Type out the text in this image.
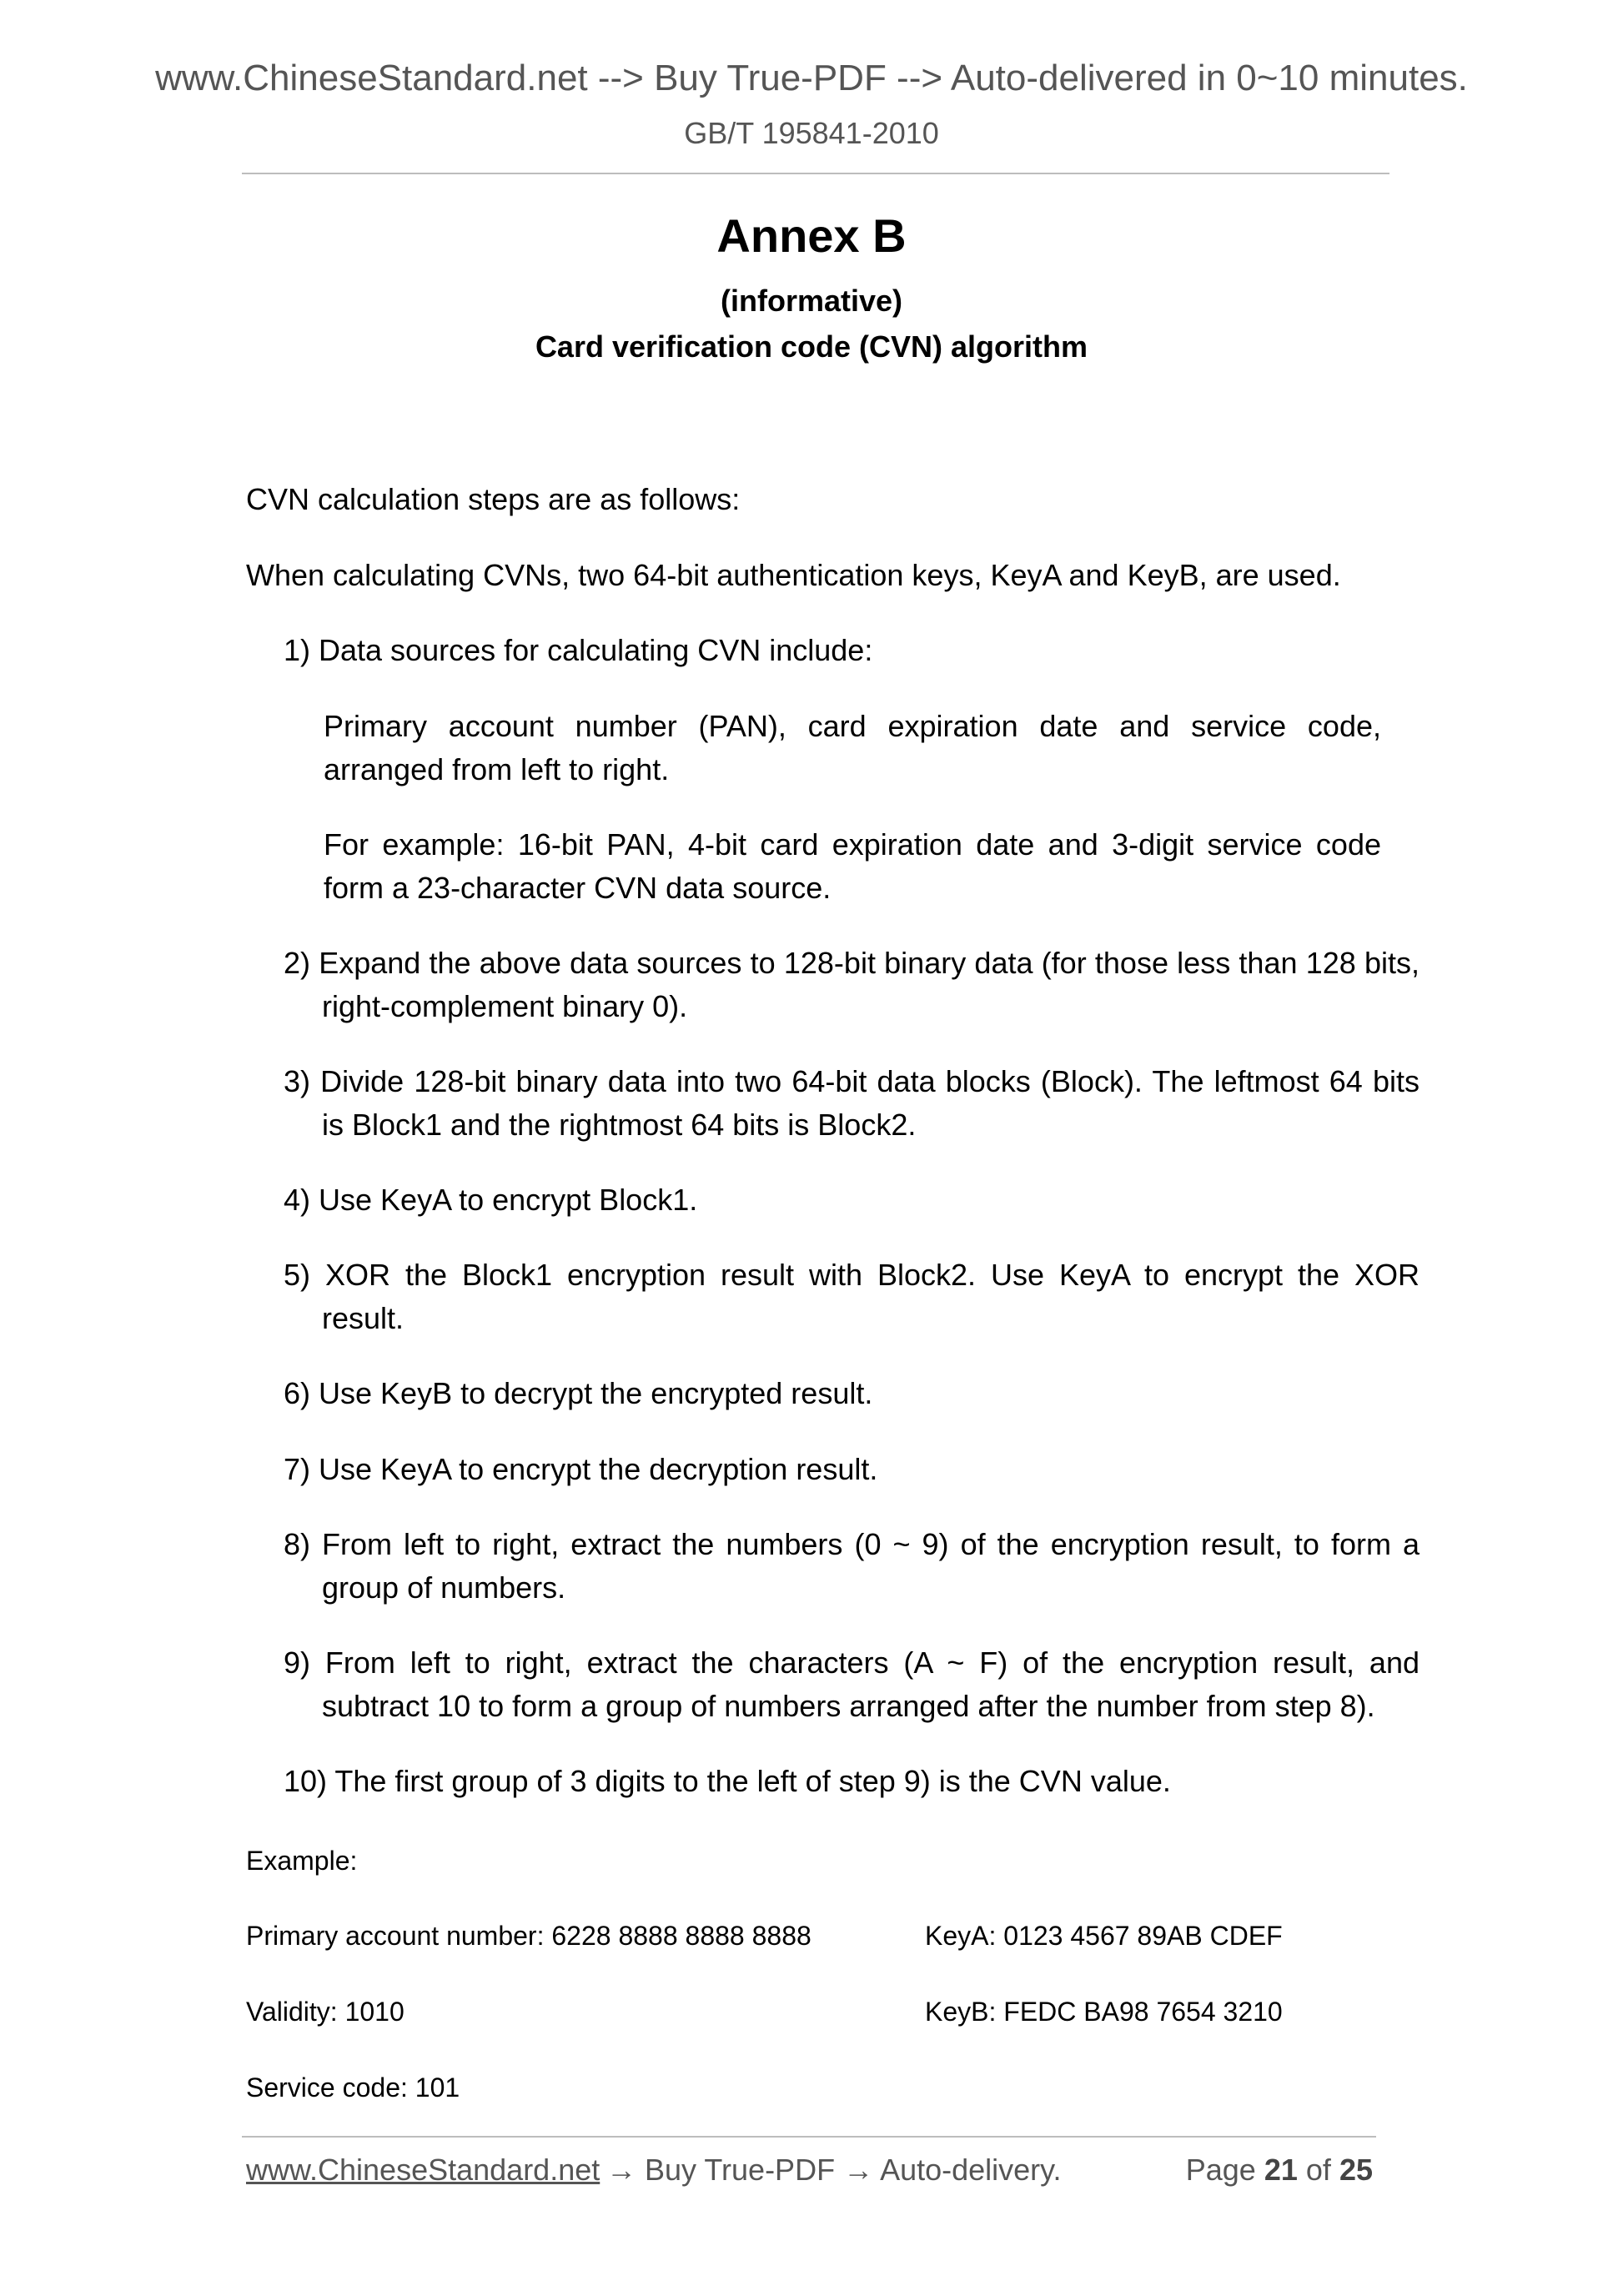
www.ChineseStandard.net --> Buy True-PDF --> Auto-delivered in 0~10 minutes.
GB/T 195841-2010
Annex B
(informative)
Card verification code (CVN) algorithm

CVN calculation steps are as follows:

When calculating CVNs, two 64-bit authentication keys, KeyA and KeyB, are used.

1) Data sources for calculating CVN include:

Primary account number (PAN), card expiration date and service code, arranged from left to right.

For example: 16-bit PAN, 4-bit card expiration date and 3-digit service code form a 23-character CVN data source.

2) Expand the above data sources to 128-bit binary data (for those less than 128 bits, right-complement binary 0).

3) Divide 128-bit binary data into two 64-bit data blocks (Block). The leftmost 64 bits is Block1 and the rightmost 64 bits is Block2.

4) Use KeyA to encrypt Block1.

5) XOR the Block1 encryption result with Block2. Use KeyA to encrypt the XOR result.

6) Use KeyB to decrypt the encrypted result.

7) Use KeyA to encrypt the decryption result.

8) From left to right, extract the numbers (0 ~ 9) of the encryption result, to form a group of numbers.

9) From left to right, extract the characters (A ~ F) of the encryption result, and subtract 10 to form a group of numbers arranged after the number from step 8).

10) The first group of 3 digits to the left of step 9) is the CVN value.

Example:

Primary account number: 6228 8888 8888 8888	KeyA: 0123 4567 89AB CDEF

Validity: 1010	KeyB: FEDC BA98 7654 3210

Service code: 101

www.ChineseStandard.net → Buy True-PDF → Auto-delivery.	Page 21 of 25
